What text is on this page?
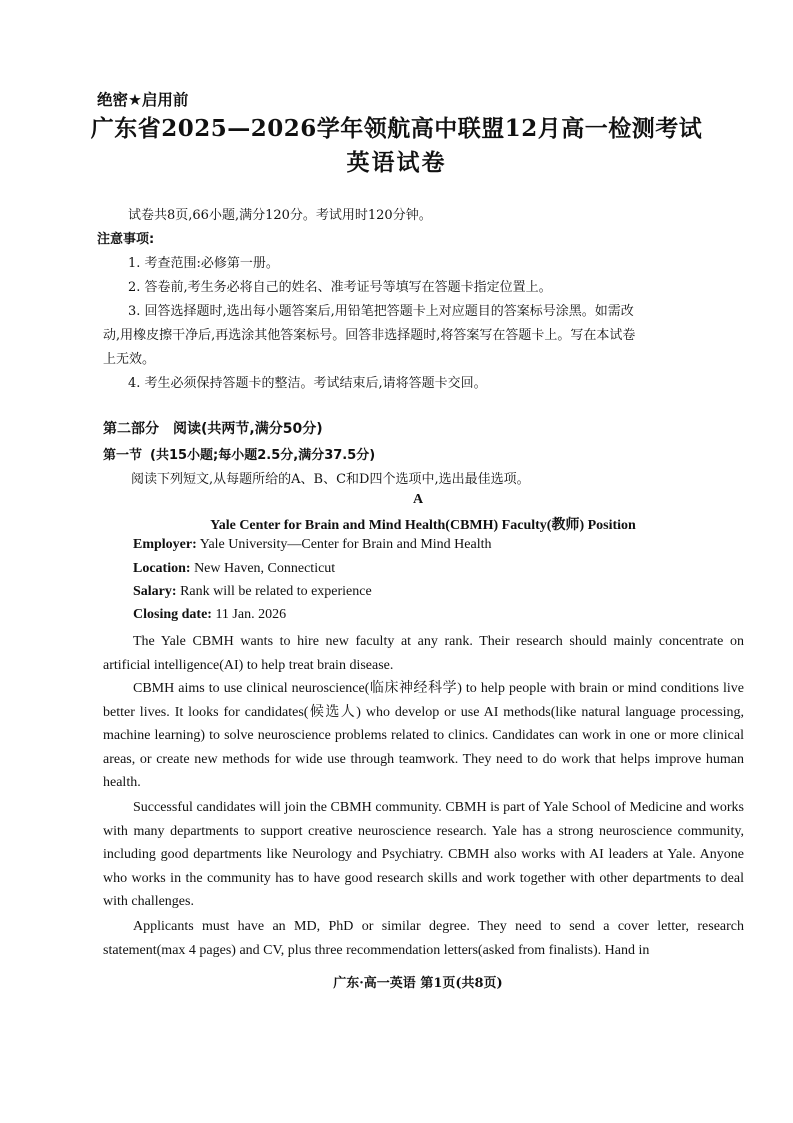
绝密★启用前
广东省2025—2026学年领航高中联盟12月高一检测考试
英语试卷
试卷共8页,66小题,满分120分。考试用时120分钟。
注意事项:
1. 考查范围:必修第一册。
2. 答卷前,考生务必将自己的姓名、准考证号等填写在答题卡指定位置上。
3. 回答选择题时,选出每小题答案后,用铅笔把答题卡上对应题目的答案标号涂黑。如需改
动,用橡皮擦干净后,再选涂其他答案标号。回答非选择题时,将答案写在答题卡上。写在本试卷
上无效。
4. 考生必须保持答题卡的整洁。考试结束后,请将答题卡交回。
第二部分 阅读(共两节,满分50分)
第一节 (共15小题;每小题2.5分,满分37.5分)
阅读下列短文,从每题所给的A、B、C和D四个选项中,选出最佳选项。
A
Yale Center for Brain and Mind Health(CBMH) Faculty(教师) Position
Employer: Yale University—Center for Brain and Mind Health
Location: New Haven, Connecticut
Salary: Rank will be related to experience
Closing date: 11 Jan. 2026
The Yale CBMH wants to hire new faculty at any rank. Their research should mainly concentrate on artificial intelligence(AI) to help treat brain disease.
CBMH aims to use clinical neuroscience(临床神经科学) to help people with brain or mind conditions live better lives. It looks for candidates(候选人) who develop or use AI methods(like natural language processing, machine learning) to solve neuroscience problems related to clinics. Candidates can work in one or more clinical areas, or create new methods for wide use through teamwork. They need to do work that helps improve human health.
Successful candidates will join the CBMH community. CBMH is part of Yale School of Medicine and works with many departments to support creative neuroscience research. Yale has a strong neuroscience community, including good departments like Neurology and Psychiatry. CBMH also works with AI leaders at Yale. Anyone who works in the community has to have good research skills and work together with other departments to deal with challenges.
Applicants must have an MD, PhD or similar degree. They need to send a cover letter, research statement(max 4 pages) and CV, plus three recommendation letters(asked from finalists). Hand in
广东·高一英语 第1页(共8页)
